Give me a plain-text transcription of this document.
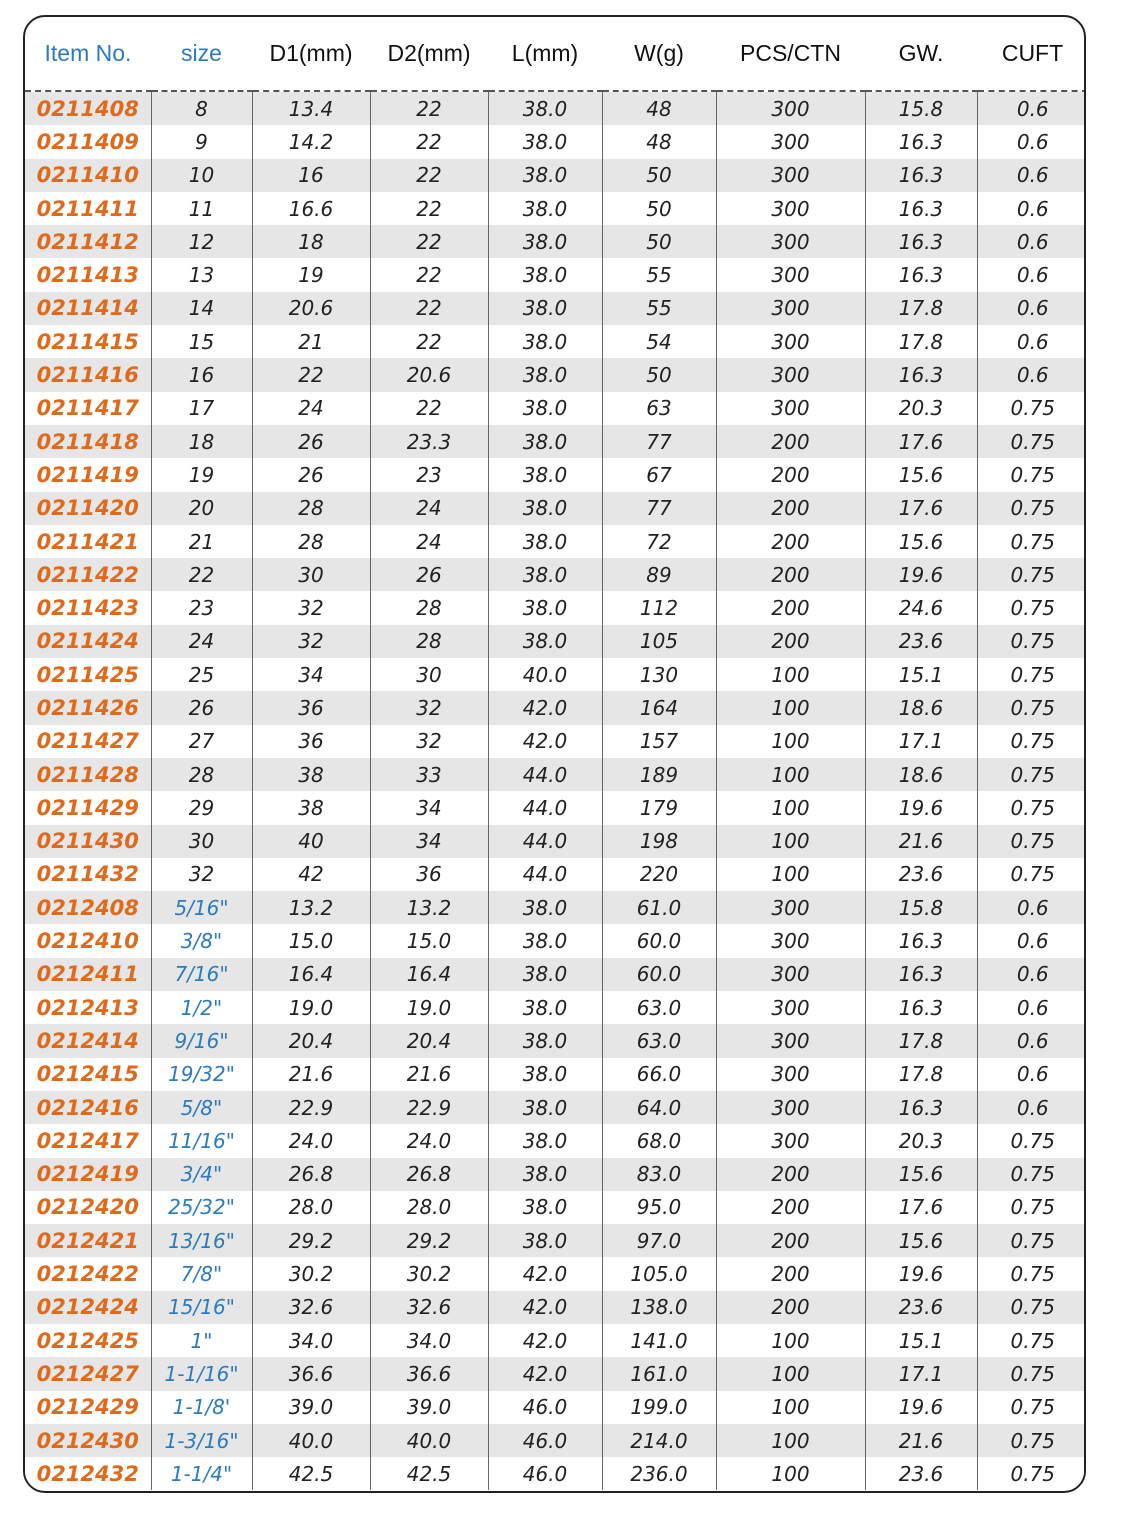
Item No.	size	D1(mm)	D2(mm)	L(mm)	W(g)	PCS/CTN	GW.	CUFT
0211408	8	13.4	22	38.0	48	300	15.8	0.6
0211409	9	14.2	22	38.0	48	300	16.3	0.6
0211410	10	16	22	38.0	50	300	16.3	0.6
0211411	11	16.6	22	38.0	50	300	16.3	0.6
0211412	12	18	22	38.0	50	300	16.3	0.6
0211413	13	19	22	38.0	55	300	16.3	0.6
0211414	14	20.6	22	38.0	55	300	17.8	0.6
0211415	15	21	22	38.0	54	300	17.8	0.6
0211416	16	22	20.6	38.0	50	300	16.3	0.6
0211417	17	24	22	38.0	63	300	20.3	0.75
0211418	18	26	23.3	38.0	77	200	17.6	0.75
0211419	19	26	23	38.0	67	200	15.6	0.75
0211420	20	28	24	38.0	77	200	17.6	0.75
0211421	21	28	24	38.0	72	200	15.6	0.75
0211422	22	30	26	38.0	89	200	19.6	0.75
0211423	23	32	28	38.0	112	200	24.6	0.75
0211424	24	32	28	38.0	105	200	23.6	0.75
0211425	25	34	30	40.0	130	100	15.1	0.75
0211426	26	36	32	42.0	164	100	18.6	0.75
0211427	27	36	32	42.0	157	100	17.1	0.75
0211428	28	38	33	44.0	189	100	18.6	0.75
0211429	29	38	34	44.0	179	100	19.6	0.75
0211430	30	40	34	44.0	198	100	21.6	0.75
0211432	32	42	36	44.0	220	100	23.6	0.75
0212408	5/16"	13.2	13.2	38.0	61.0	300	15.8	0.6
0212410	3/8"	15.0	15.0	38.0	60.0	300	16.3	0.6
0212411	7/16"	16.4	16.4	38.0	60.0	300	16.3	0.6
0212413	1/2"	19.0	19.0	38.0	63.0	300	16.3	0.6
0212414	9/16"	20.4	20.4	38.0	63.0	300	17.8	0.6
0212415	19/32"	21.6	21.6	38.0	66.0	300	17.8	0.6
0212416	5/8"	22.9	22.9	38.0	64.0	300	16.3	0.6
0212417	11/16"	24.0	24.0	38.0	68.0	300	20.3	0.75
0212419	3/4"	26.8	26.8	38.0	83.0	200	15.6	0.75
0212420	25/32"	28.0	28.0	38.0	95.0	200	17.6	0.75
0212421	13/16"	29.2	29.2	38.0	97.0	200	15.6	0.75
0212422	7/8"	30.2	30.2	42.0	105.0	200	19.6	0.75
0212424	15/16"	32.6	32.6	42.0	138.0	200	23.6	0.75
0212425	1"	34.0	34.0	42.0	141.0	100	15.1	0.75
0212427	1-1/16"	36.6	36.6	42.0	161.0	100	17.1	0.75
0212429	1-1/8'	39.0	39.0	46.0	199.0	100	19.6	0.75
0212430	1-3/16"	40.0	40.0	46.0	214.0	100	21.6	0.75
0212432	1-1/4"	42.5	42.5	46.0	236.0	100	23.6	0.75
